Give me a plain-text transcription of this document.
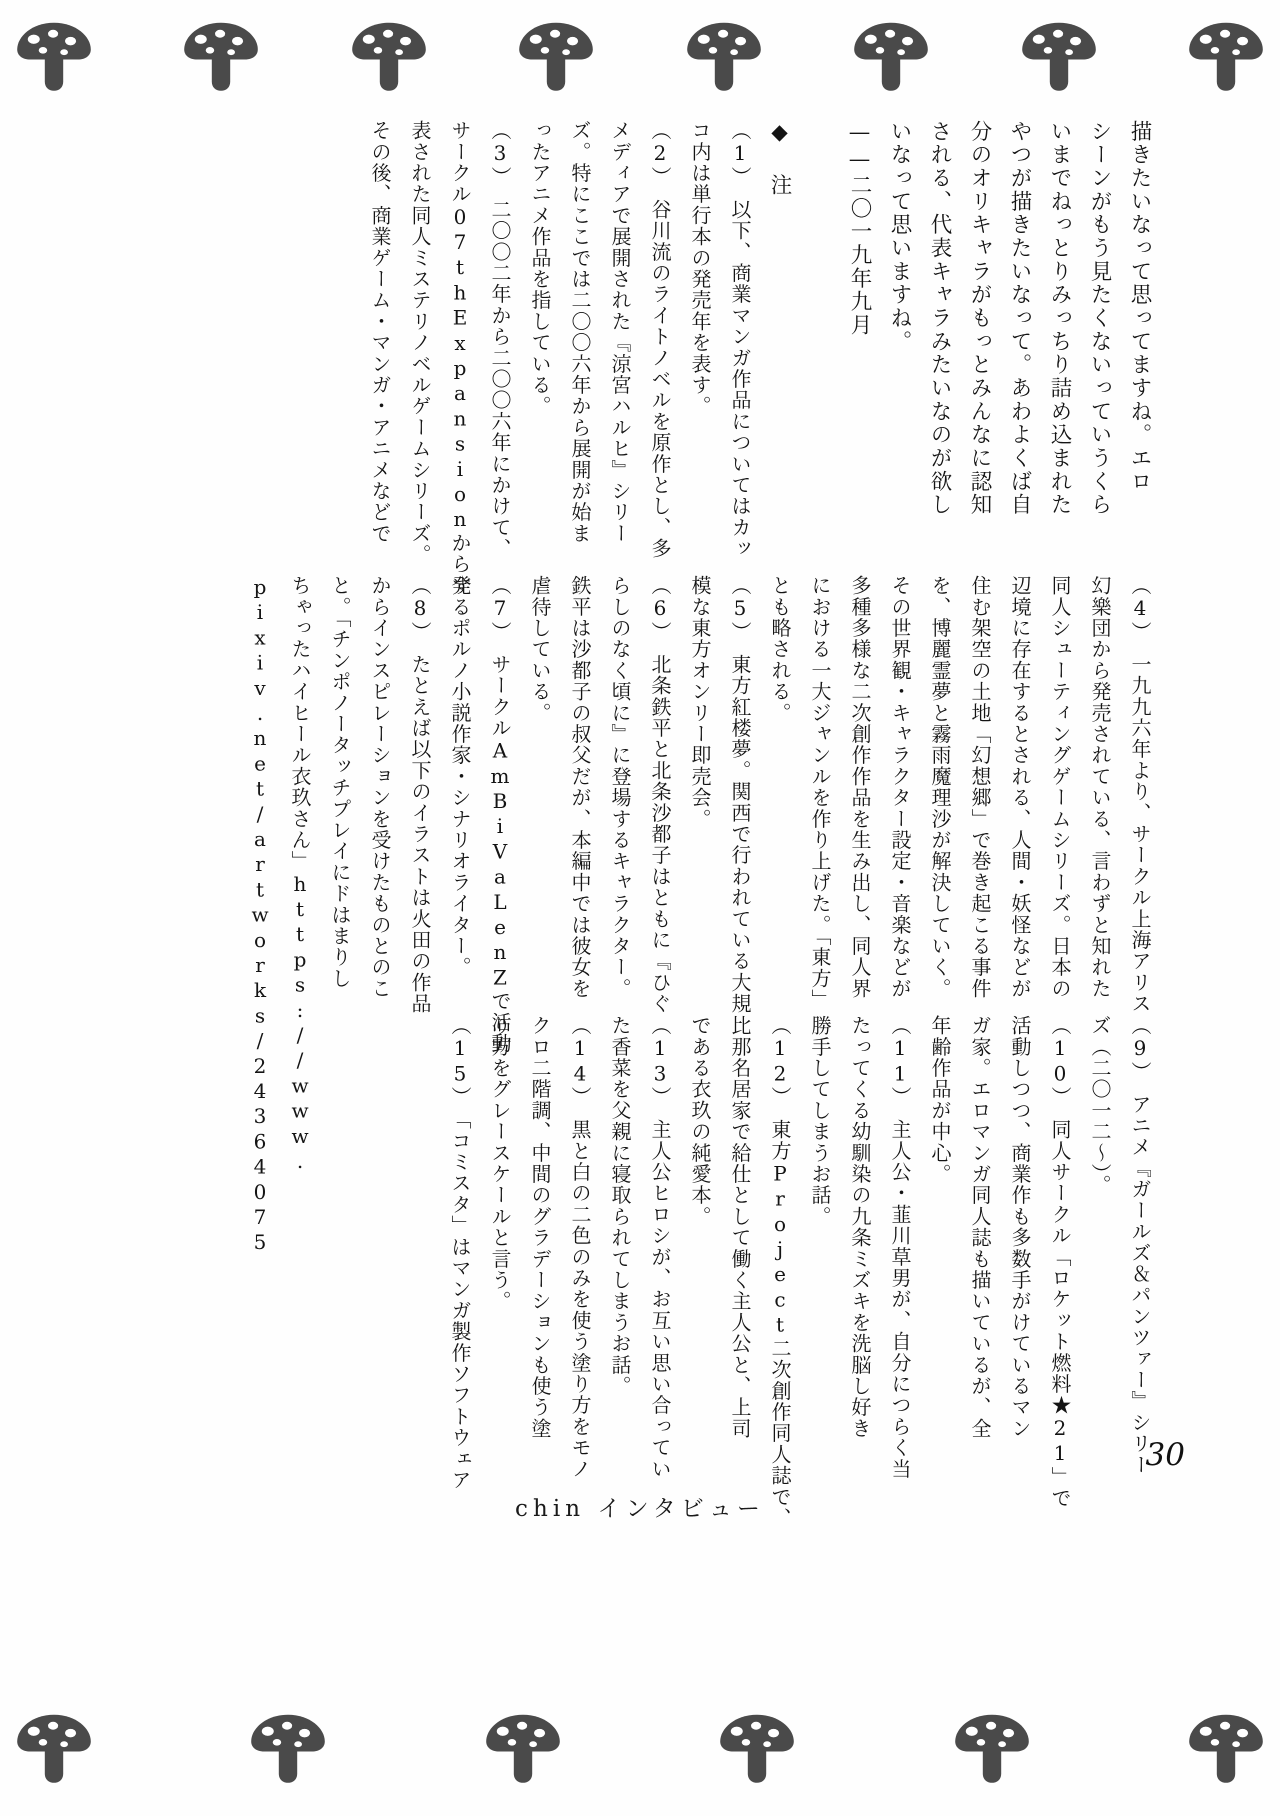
描きたいなって思ってますね。エロ
シーンがもう見たくないっていうくら
いまでねっとりみっちり詰め込まれた
やつが描きたいなって。あわよくば自
分のオリキャラがもっとみんなに認知
される、代表キャラみたいなのが欲し
いなって思いますね。
——二〇一九年九月
◆ 注
（1）　以下、商業マンガ作品についてはカッ
コ内は単行本の発売年を表す。
（2）　谷川流のライトノベルを原作とし、多
メディアで展開された『涼宮ハルヒ』シリー
ズ。特にここでは二〇〇六年から展開が始ま
ったアニメ作品を指している。
（3）　二〇〇二年から二〇〇六年にかけて、
サークル07thExpansionから発
表された同人ミステリノベルゲームシリーズ。
その後、商業ゲーム・マンガ・アニメなどで
（4）　一九九六年より、サークル上海アリス
幻樂団から発売されている、言わずと知れた
同人シューティングゲームシリーズ。日本の
辺境に存在するとされる、人間・妖怪などが
住む架空の土地「幻想郷」で巻き起こる事件
を、博麗霊夢と霧雨魔理沙が解決していく。
その世界観・キャラクター設定・音楽などが
多種多様な二次創作作品を生み出し、同人界
における一大ジャンルを作り上げた。「東方」
とも略される。
（5）　東方紅楼夢。関西で行われている大規
模な東方オンリー即売会。
（6）　北条鉄平と北条沙都子はともに『ひぐ
らしのなく頃に』に登場するキャラクター。
鉄平は沙都子の叔父だが、本編中では彼女を
虐待している。
（7）　サークルAmBiVaLenZで活動
するポルノ小説作家・シナリオライター。
（8）　たとえば以下のイラストは火田の作品
からインスピレーションを受けたものとのこ
と。「チンポノータッチプレイにドはまりし
ちゃったハイヒール衣玖さん」https://www.
pixiv.net/artworks/24364075	（9）　アニメ『ガールズ＆パンツァー』シリー
ズ（二〇一二〜）。
（10）　同人サークル「ロケット燃料★21」で
活動しつつ、商業作も多数手がけているマン
ガ家。エロマンガ同人誌も描いているが、全
年齢作品が中心。
（11）　主人公・韮川草男が、自分につらく当
たってくる幼馴染の九条ミズキを洗脳し好き
勝手してしまうお話。
（12）　東方Project二次創作同人誌で、
比那名居家で給仕として働く主人公と、上司
である衣玖の純愛本。
（13）　主人公ヒロシが、お互い思い合ってい
た香菜を父親に寝取られてしまうお話。
（14）　黒と白の二色のみを使う塗り方をモノ
クロ二階調、中間のグラデーションも使う塗
り方をグレースケールと言う。
（15）　「コミスタ」はマンガ製作ソフトウェア	30
chin インタビュー
